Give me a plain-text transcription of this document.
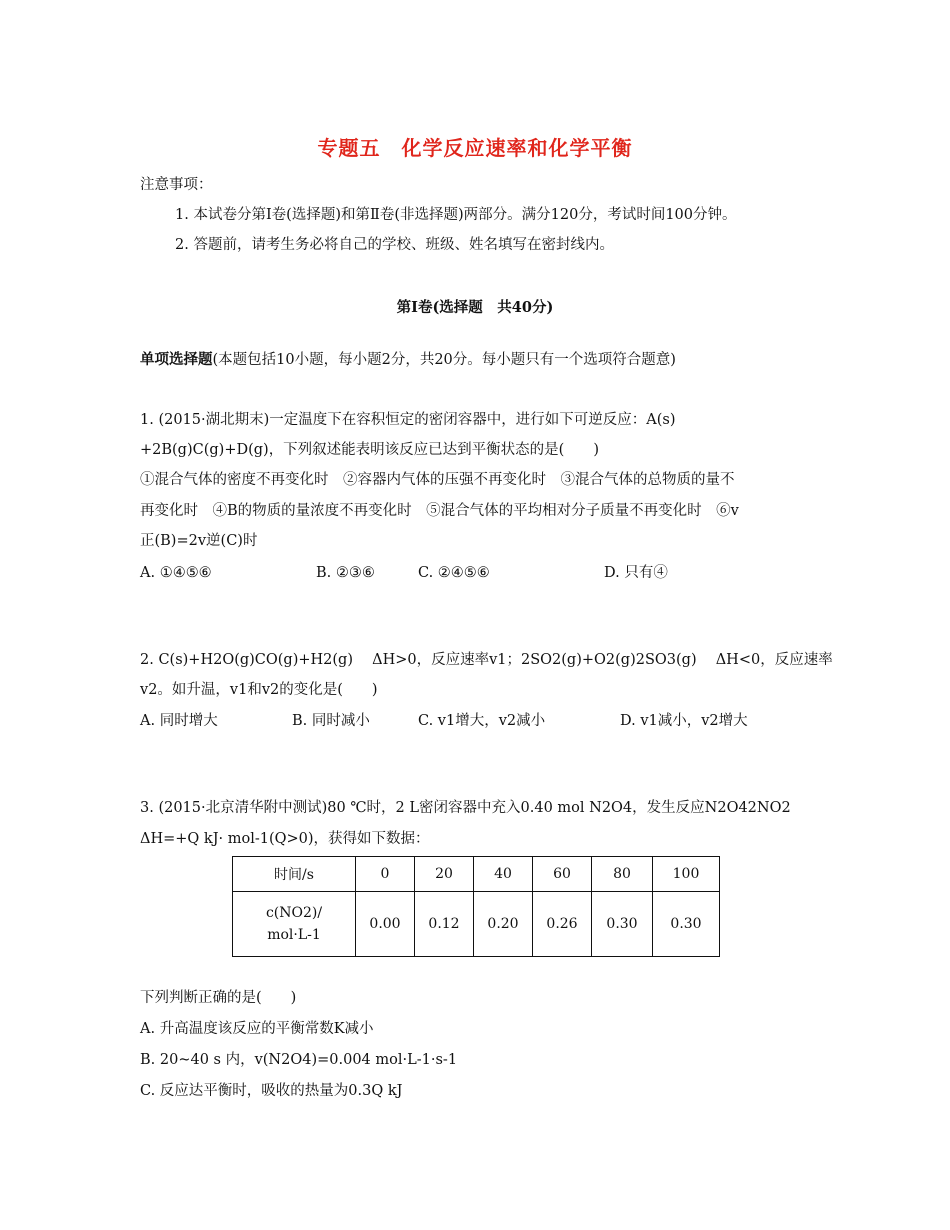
专题五　化学反应速率和化学平衡
注意事项：
1. 本试卷分第Ⅰ卷(选择题)和第Ⅱ卷(非选择题)两部分。满分120分，考试时间100分钟。
2. 答题前，请考生务必将自己的学校、班级、姓名填写在密封线内。
第Ⅰ卷(选择题　共40分)
单项选择题(本题包括10小题，每小题2分，共20分。每小题只有一个选项符合题意)
1. (2015·湖北期末)一定温度下在容积恒定的密闭容器中，进行如下可逆反应：A(s)
+2B(g)C(g)+D(g)，下列叙述能表明该反应已达到平衡状态的是(　　)
①混合气体的密度不再变化时　②容器内气体的压强不再变化时　③混合气体的总物质的量不
再变化时　④B的物质的量浓度不再变化时　⑤混合气体的平均相对分子质量不再变化时　⑥v
正(B)=2v逆(C)时
A. ①④⑤⑥	B. ②③⑥	C. ②④⑤⑥	D. 只有④
2. C(s)+H2O(g)CO(g)+H2(g)　 ΔH>0，反应速率v1；2SO2(g)+O2(g)2SO3(g)　 ΔH<0，反应速率
v2。如升温，v1和v2的变化是(　　)
A. 同时增大	B. 同时减小	C. v1增大，v2减小	D. v1减小，v2增大
3. (2015·北京清华附中测试)80 ℃时，2 L密闭容器中充入0.40 mol N2O4，发生反应N2O42NO2
ΔH=+Q kJ· mol-1(Q>0)，获得如下数据：
时间/s	0	20	40	60	80	100

c(NO2)/
mol·L-1	0.00	0.12	0.20	0.26	0.30	0.30
下列判断正确的是(　　)
A. 升高温度该反应的平衡常数K减小
B. 20~40 s 内，v(N2O4)=0.004 mol·L-1·s-1
C. 反应达平衡时，吸收的热量为0.3Q kJ
